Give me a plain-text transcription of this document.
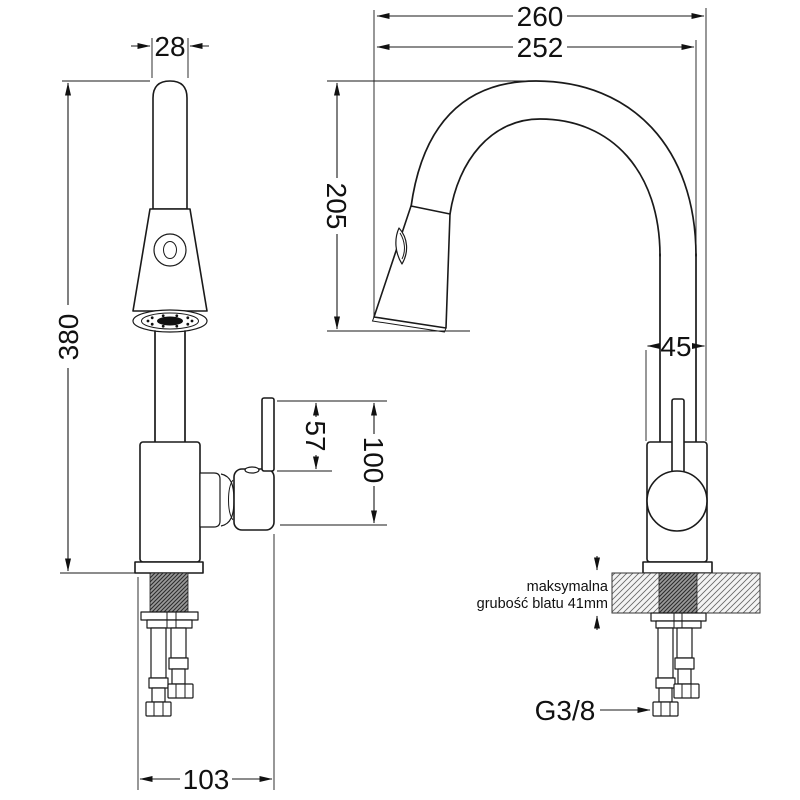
28
380
57
100
103
260
252
205
45
maksymalna
grubość blatu 41mm
G3/8
